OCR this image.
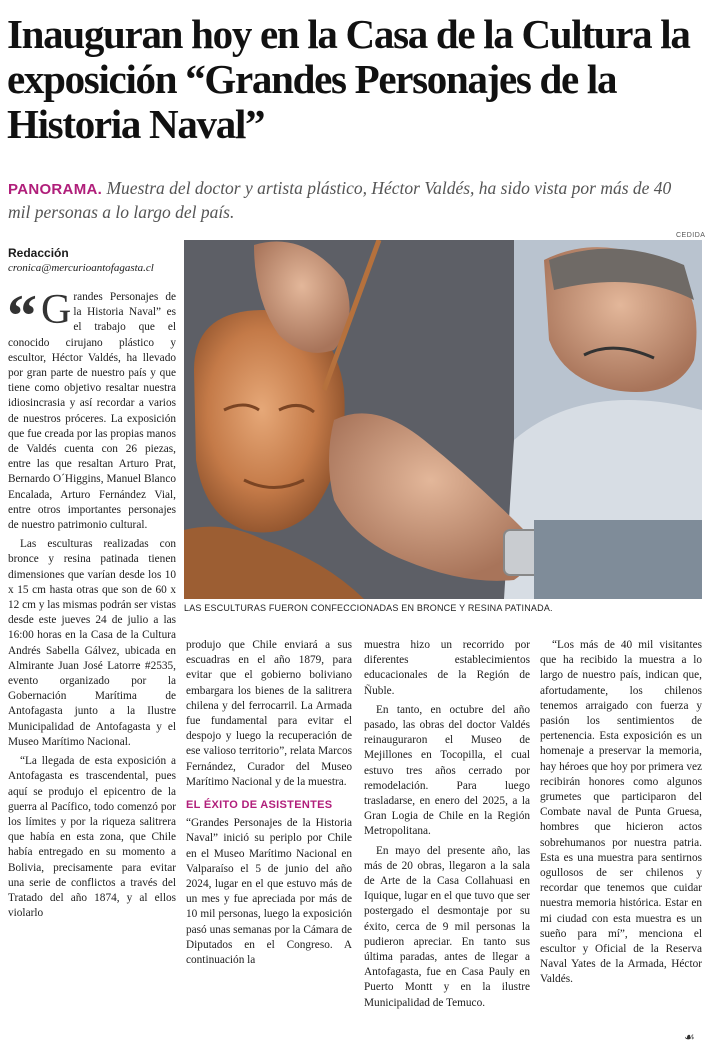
Inauguran hoy en la Casa de la Cultura la exposición “Grandes Personajes de la Historia Naval”

PANORAMA. Muestra del doctor y artista plástico, Héctor Valdés, ha sido vista por más de 40 mil personas a lo largo del país.

Redacción
cronica@mercurioantofagasta.cl
CEDIDA
LAS ESCULTURAS FUERON CONFECCIONADAS EN BRONCE Y RESINA PATINADA.

“ G randes Personajes de la Historia Naval” es el trabajo que el conocido cirujano plástico y escultor, Héctor Valdés, ha llevado por gran parte de nuestro país y que tiene como objetivo resaltar nuestra idiosincrasia y así recordar a varios de nuestros próceres. La exposición que fue creada por las propias manos de Valdés cuenta con 26 piezas, entre las que resaltan Arturo Prat, Bernardo O´Higgins, Manuel Blanco Encalada, Arturo Fernández Vial, entre otros importantes personajes de nuestro patrimonio cultural.

Las esculturas realizadas con bronce y resina patinada tienen dimensiones que varían desde los 10 x 15 cm hasta otras que son de 60 x 12 cm y las mismas podrán ser vistas desde este jueves 24 de julio a las 16:00 horas en la Casa de la Cultura Andrés Sabella Gálvez, ubicada en Almirante Juan José Latorre #2535, evento organizado por la Gobernación Marítima de Antofagasta junto a la Ilustre Municipalidad de Antofagasta y el Museo Marítimo Nacional.

“La llegada de esta exposición a Antofagasta es trascendental, pues aquí se produjo el epicentro de la guerra al Pacífico, todo comenzó por los límites y por la riqueza salitrera que había en esta zona, que Chile había entregado en su momento a Bolivia, precisamente para evitar una serie de conflictos a través del Tratado del año 1874, y al ellos violarlo

produjo que Chile enviará a sus escuadras en el año 1879, para evitar que el gobierno boliviano embargara los bienes de la salitrera chilena y del ferrocarril. La Armada fue fundamental para evitar el despojo y luego la recuperación de ese valioso territorio”, relata Marcos Fernández, Curador del Museo Marítimo Nacional y de la muestra.

EL ÉXITO DE ASISTENTES

“Grandes Personajes de la Historia Naval” inició su periplo por Chile en el Museo Marítimo Nacional en Valparaíso el 5 de junio del año 2024, lugar en el que estuvo más de un mes y fue apreciada por más de 10 mil personas, luego la exposición pasó unas semanas por la Cámara de Diputados en el Congreso. A continuación la

muestra hizo un recorrido por diferentes establecimientos educacionales de la Región de Ñuble.

En tanto, en octubre del año pasado, las obras del doctor Valdés reinauguraron el Museo de Mejillones en Tocopilla, el cual estuvo tres años cerrado por remodelación. Para luego trasladarse, en enero del 2025, a la Gran Logia de Chile en la Región Metropolitana.

En mayo del presente año, las más de 20 obras, llegaron a la sala de Arte de la Casa Collahuasi en Iquique, lugar en el que tuvo que ser postergado el desmontaje por su éxito, cerca de 9 mil personas la pudieron apreciar. En tanto sus última paradas, antes de llegar a Antofagasta, fue en Casa Pauly en Puerto Montt y en la ilustre Municipalidad de Temuco.

“Los más de 40 mil visitantes que ha recibido la muestra a lo largo de nuestro país, indican que, afortudamente, los chilenos tenemos arraigado con fuerza y pasión los sentimientos de pertenencia. Esta exposición es un homenaje a preservar la memoria, hay héroes que hoy por primera vez recibirán honores como algunos grumetes que participaron del Combate naval de Punta Gruesa, hombres que hicieron actos sobrehumanos por nuestra patria. Esta es una muestra para sentirnos ogullosos de ser chilenos y recordar que tenemos que cuidar nuestra memoria histórica. Estar en mi ciudad con esta muestra es un sueño para mí”, menciona el escultor y Oficial de la Reserva Naval Yates de la Armada, Héctor Valdés.

☙
